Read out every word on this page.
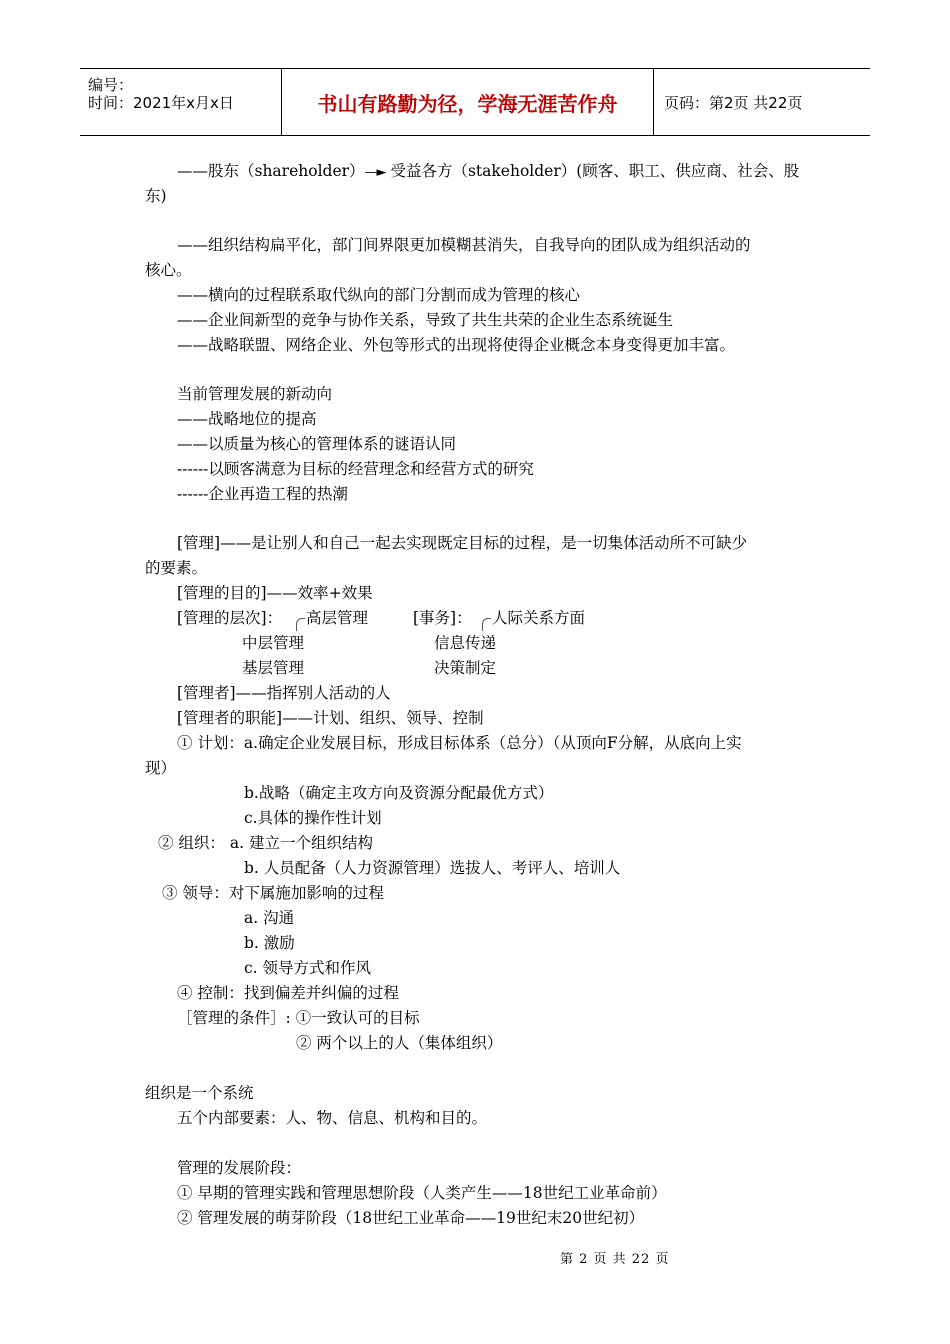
编号：
时间：2021年x月x日	书山有路勤为径，学海无涯苦作舟	页码：第2页 共22页
——股东（shareholder）—► 受益各方（stakeholder）(顾客、职工、供应商、社会、股
东)
——组织结构扁平化，部门间界限更加模糊甚消失，自我导向的团队成为组织活动的
核心。
——横向的过程联系取代纵向的部门分割而成为管理的核心
——企业间新型的竞争与协作关系，导致了共生共荣的企业生态系统诞生
——战略联盟、网络企业、外包等形式的出现将使得企业概念本身变得更加丰富。
当前管理发展的新动向
——战略地位的提高
——以质量为核心的管理体系的谜语认同
------以顾客满意为目标的经营理念和经营方式的研究
------企业再造工程的热潮
[管理]——是让别人和自己一起去实现既定目标的过程，是一切集体活动所不可缺少
的要素。
[管理的目的]——效率+效果
[管理的层次]： 高层管理	[事务]： 人际关系方面
中层管理	信息传递
基层管理	决策制定
[管理者]——指挥别人活动的人
[管理者的职能]——计划、组织、领导、控制
① 计划：a.确定企业发展目标，形成目标体系（总分）（从顶向F分解，从底向上实
现）
b.战略（确定主攻方向及资源分配最优方式）
c.具体的操作性计划
② 组织： a. 建立一个组织结构
b. 人员配备（人力资源管理）选拔人、考评人、培训人
③ 领导：对下属施加影响的过程
a. 沟通
b. 激励
c. 领导方式和作风
④ 控制：找到偏差并纠偏的过程
［管理的条件］: ①一致认可的目标
② 两个以上的人（集体组织）
组织是一个系统
五个内部要素：人、物、信息、机构和目的。
管理的发展阶段：
① 早期的管理实践和管理思想阶段（人类产生——18世纪工业革命前）
② 管理发展的萌芽阶段（18世纪工业革命——19世纪末20世纪初）
第 2 页 共 22 页
